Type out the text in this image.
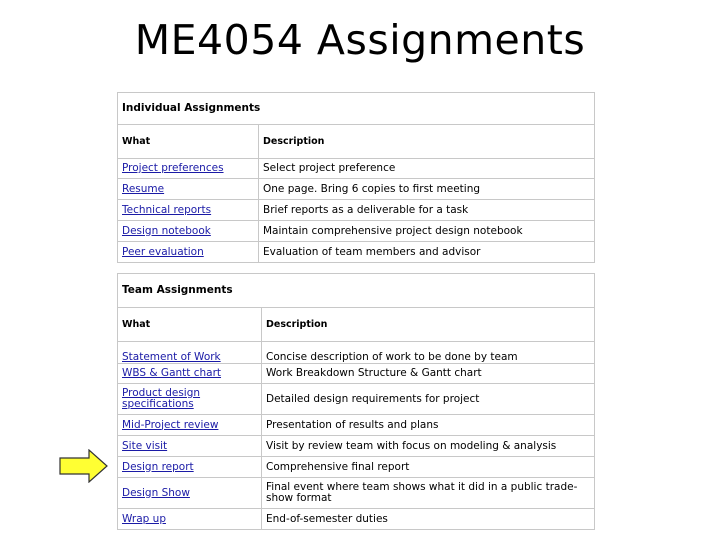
ME4054 Assignments
Individual Assignments	
What	Description
Project preferences	Select project preference
Resume	One page. Bring 6 copies to first meeting
Technical reports	Brief reports as a deliverable for a task
Design notebook	Maintain comprehensive project design notebook
Peer evaluation	Evaluation of team members and advisor
Team Assignments	
What	Description
Statement of Work	Concise description of work to be done by team
WBS & Gantt chart	Work Breakdown Structure & Gantt chart
Product design specifications	Detailed design requirements for project
Mid-Project review	Presentation of results and plans
Site visit	Visit by review team with focus on modeling & analysis
Design report	Comprehensive final report
Design Show	Final event where team shows what it did in a public trade-show format
Wrap up	End-of-semester duties
